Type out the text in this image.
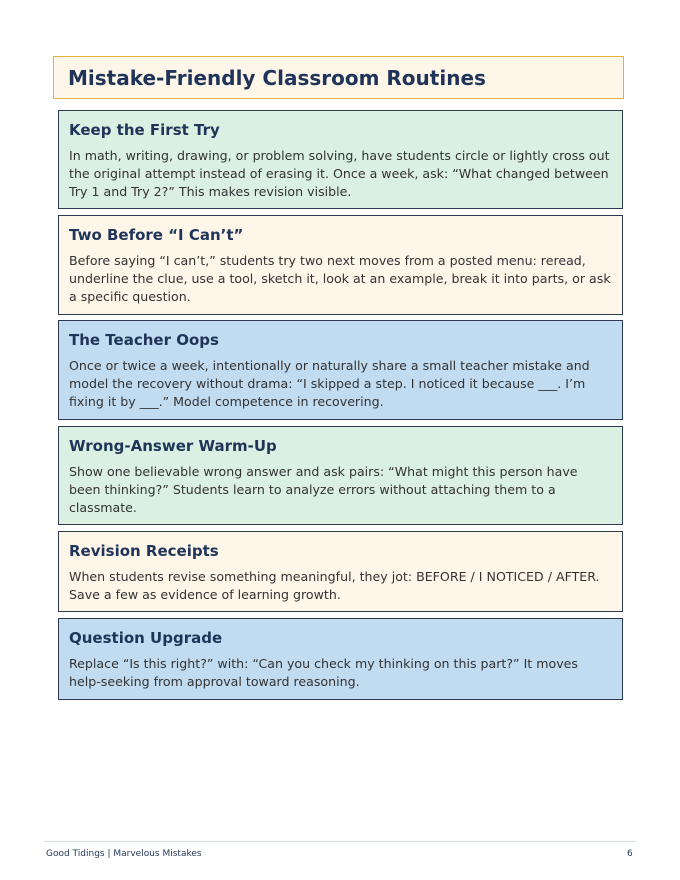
Mistake-Friendly Classroom Routines
Keep the First Try

In math, writing, drawing, or problem solving, have students circle or lightly cross out the original attempt instead of erasing it. Once a week, ask: “What changed between Try 1 and Try 2?” This makes revision visible.

Two Before “I Can’t”

Before saying “I can’t,” students try two next moves from a posted menu: reread, underline the clue, use a tool, sketch it, look at an example, break it into parts, or ask a specific question.

The Teacher Oops

Once or twice a week, intentionally or naturally share a small teacher mistake and model the recovery without drama: “I skipped a step. I noticed it because ___. I’m fixing it by ___.” Model competence in recovering.

Wrong-Answer Warm-Up

Show one believable wrong answer and ask pairs: “What might this person have been thinking?” Students learn to analyze errors without attaching them to a classmate.

Revision Receipts

When students revise something meaningful, they jot: BEFORE / I NOTICED / AFTER. Save a few as evidence of learning growth.

Question Upgrade

Replace “Is this right?” with: “Can you check my thinking on this part?” It moves help-seeking from approval toward reasoning.

Good Tidings | Marvelous Mistakes	6
